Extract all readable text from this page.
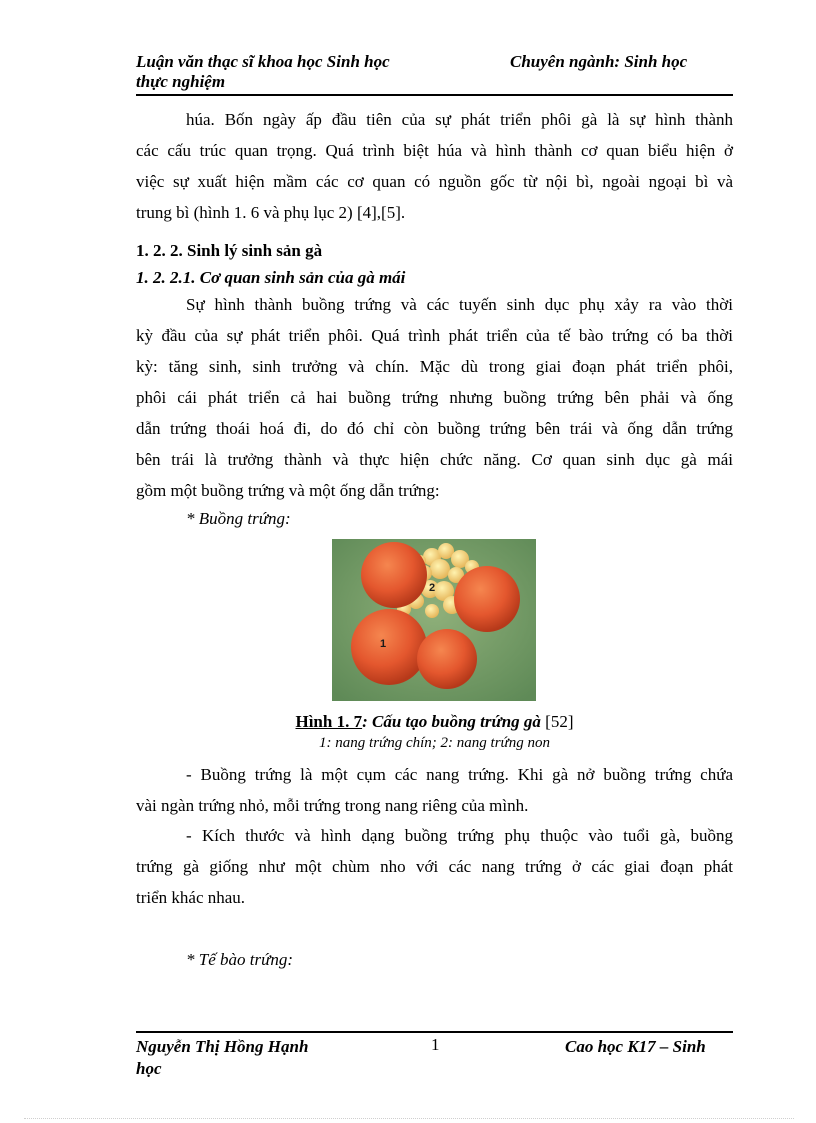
Luận văn thạc sĩ khoa học Sinh học
thực nghiệm
Chuyên ngành: Sinh học
húa. Bốn ngày ấp đầu tiên của sự phát triển phôi gà là sự hình thành
các cấu trúc quan trọng. Quá trình biệt húa và hình thành cơ quan biểu hiện ở
việc sự xuất hiện mầm các cơ quan có nguồn gốc từ nội bì, ngoài ngoại bì và
trung bì (hình 1. 6 và phụ lục 2) [4],[5].
1. 2. 2. Sinh lý sinh sản gà
1. 2. 2.1. Cơ quan sinh sản của gà mái
Sự hình thành buồng trứng và các tuyến sinh dục phụ xảy ra vào thời
kỳ đầu của sự phát triển phôi. Quá trình phát triển của tế bào trứng có ba thời
kỳ: tăng sinh, sinh trưởng và chín. Mặc dù trong giai đoạn phát triển phôi,
phôi cái phát triển cả hai buồng trứng nhưng buồng trứng bên phải và ống
dẫn trứng thoái hoá đi, do đó chỉ còn buồng trứng bên trái và ống dẫn trứng
bên trái là trưởng thành và thực hiện chức năng. Cơ quan sinh dục gà mái
gồm một buồng trứng và một ống dẫn trứng:
* Buồng trứng:
1
2
Hình 1. 7: Cấu tạo buồng trứng gà [52]
1: nang trứng chín; 2: nang trứng non
- Buồng trứng là một cụm các nang trứng. Khi gà nở buồng trứng chứa
vài ngàn trứng nhỏ, mỗi trứng trong nang riêng của mình.
- Kích thước và hình dạng buồng trứng phụ thuộc vào tuổi gà, buồng
trứng gà giống như một chùm nho với các nang trứng ở các giai đoạn phát
triển khác nhau.
* Tế bào trứng:
Nguyễn Thị Hồng Hạnh
học
1	Cao học K17 – Sinh
